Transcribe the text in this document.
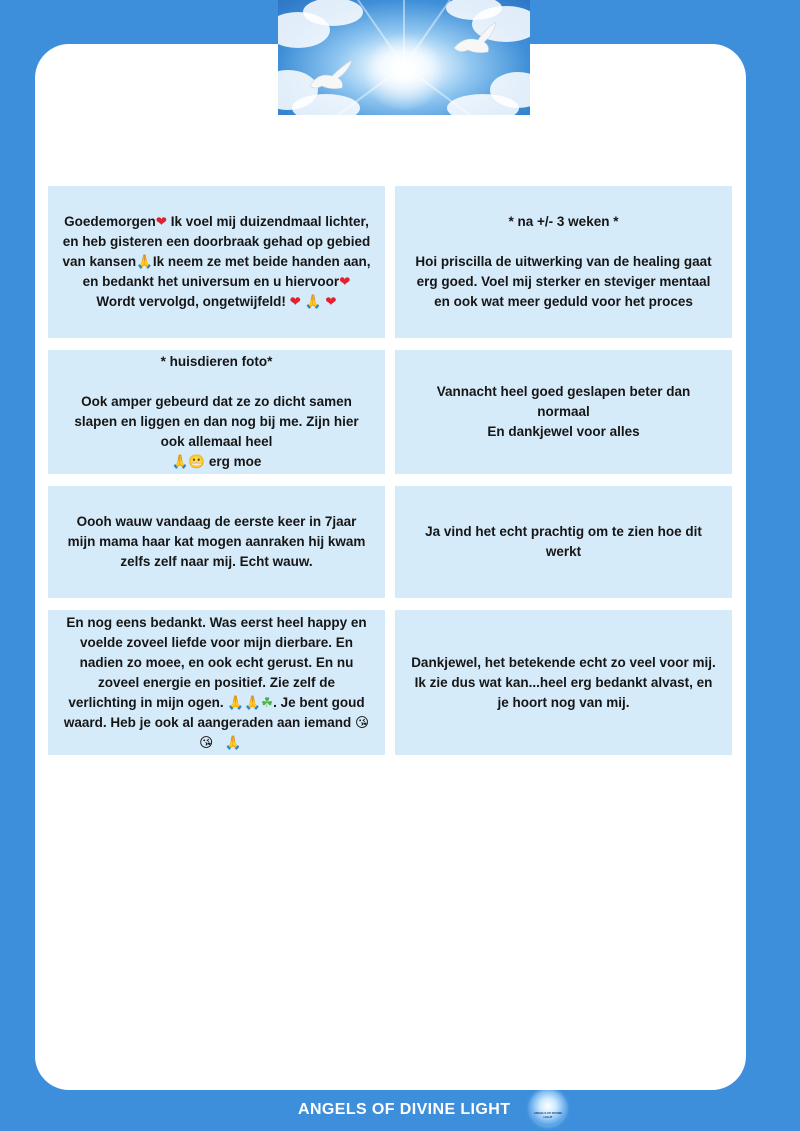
Goedemorgen❤ Ik voel mij duizendmaal lichter, en heb gisteren een doorbraak gehad op gebied van kansen🙏Ik neem ze met beide handen aan, en bedankt het universum en u hiervoor❤ Wordt vervolgd, ongetwijfeld! ❤ 🙏 ❤

* na +/- 3 weken *

Hoi priscilla de uitwerking van de healing gaat erg goed. Voel mij sterker en steviger mentaal en ook wat meer geduld voor het proces

* huisdieren foto*

Ook amper gebeurd dat ze zo dicht samen slapen en liggen en dan nog bij me. Zijn hier ook allemaal heel
🙏😬 erg moe

Vannacht heel goed geslapen beter dan normaal

En dankjewel voor alles

Oooh wauw vandaag de eerste keer in 7jaar mijn mama haar kat mogen aanraken hij kwam zelfs zelf naar mij. Echt wauw.

Ja vind het echt prachtig om te zien hoe dit werkt

En nog eens bedankt. Was eerst heel happy en voelde zoveel liefde voor mijn dierbare. En nadien zo moee, en ook echt gerust. En nu zoveel energie en positief. Zie zelf de verlichting in mijn ogen. 🙏🙏☘. Je bent goud waard. Heb je ook al aangeraden aan iemand 😘   😘 🙏

Dankjewel, het betekende echt zo veel voor mij. Ik zie dus wat kan...heel erg bedankt alvast, en je hoort nog van mij.

ANGELS OF DIVINE LIGHT	ANGELS OF DIVINE LIGHT
